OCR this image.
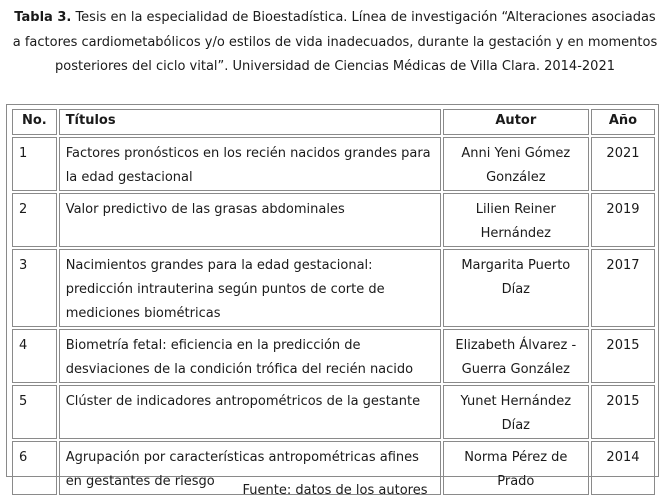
Tabla 3. Tesis en la especialidad de Bioestadística. Línea de investigación “Alteraciones asociadas a factores cardiometabólicos y/o estilos de vida inadecuados, durante la gestación y en momentos posteriores del ciclo vital”. Universidad de Ciencias Médicas de Villa Clara. 2014-2021
No.	Títulos	Autor	Año
1	Factores pronósticos en los recién nacidos grandes para la edad gestacional	Anni Yeni Gómez González	2021
2	Valor predictivo de las grasas abdominales	Lilien Reiner Hernández	2019
3	Nacimientos grandes para la edad gestacional: predicción intrauterina según puntos de corte de mediciones biométricas	Margarita Puerto Díaz	2017
4	Biometría fetal: eficiencia en la predicción de desviaciones de la condición trófica del recién nacido	Elizabeth Álvarez - Guerra González	2015
5	Clúster de indicadores antropométricos de la gestante	Yunet Hernández Díaz	2015
6	Agrupación por características antropométricas afines en gestantes de riesgo	Norma Pérez de Prado	2014
Fuente: datos de los autores
